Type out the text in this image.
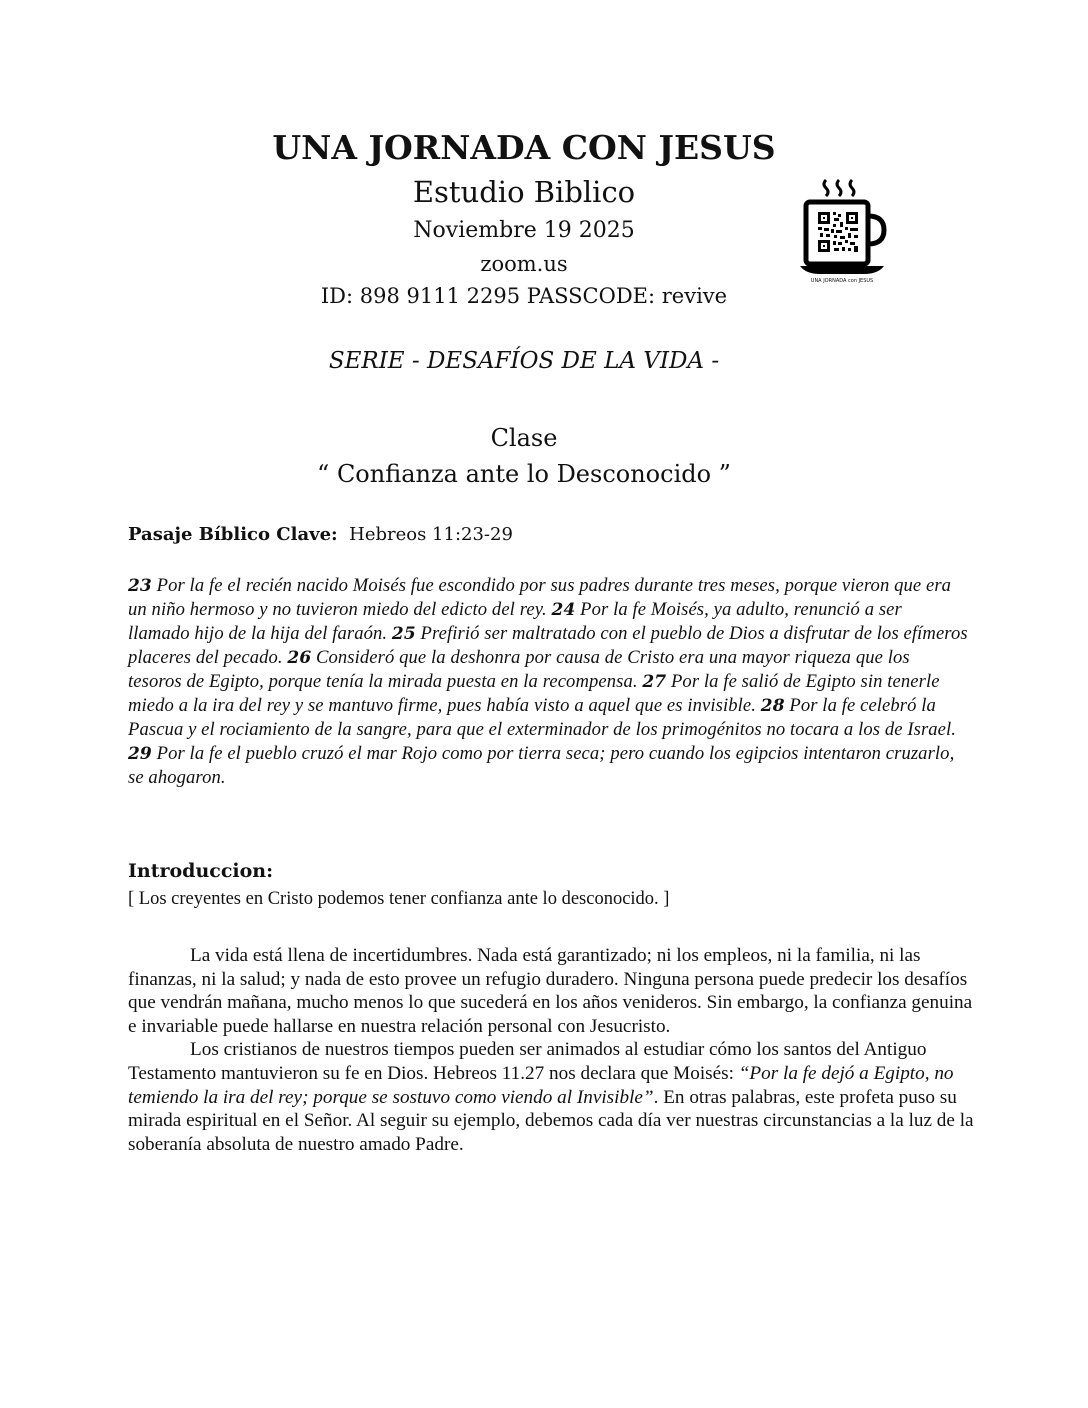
UNA JORNADA CON JESUS
Estudio Biblico
Noviembre 19 2025
zoom.us
ID: 898 9111 2295 PASSCODE: revive
UNA JORNADA con JESUS
SERIE - DESAFÍOS DE LA VIDA -
Clase
“ Confianza ante lo Desconocido ”
Pasaje Bíblico Clave: Hebreos 11:23-29
23 Por la fe el recién nacido Moisés fue escondido por sus padres durante tres meses, porque vieron que era un niño hermoso y no tuvieron miedo del edicto del rey. 24 Por la fe Moisés, ya adulto, renunció a ser llamado hijo de la hija del faraón. 25 Prefirió ser maltratado con el pueblo de Dios a disfrutar de los efímeros placeres del pecado. 26 Consideró que la deshonra por causa de Cristo era una mayor riqueza que los tesoros de Egipto, porque tenía la mirada puesta en la recompensa. 27 Por la fe salió de Egipto sin tenerle miedo a la ira del rey y se mantuvo firme, pues había visto a aquel que es invisible. 28 Por la fe celebró la Pascua y el rociamiento de la sangre, para que el exterminador de los primogénitos no tocara a los de Israel. 29 Por la fe el pueblo cruzó el mar Rojo como por tierra seca; pero cuando los egipcios intentaron cruzarlo, se ahogaron.
Introduccion:
[ Los creyentes en Cristo podemos tener confianza ante lo desconocido. ]

La vida está llena de incertidumbres. Nada está garantizado; ni los empleos, ni la familia, ni las finanzas, ni la salud; y nada de esto provee un refugio duradero. Ninguna persona puede predecir los desafíos que vendrán mañana, mucho menos lo que sucederá en los años venideros. Sin embargo, la confianza genuina e invariable puede hallarse en nuestra relación personal con Jesucristo.

Los cristianos de nuestros tiempos pueden ser animados al estudiar cómo los santos del Antiguo Testamento mantuvieron su fe en Dios. Hebreos 11.27 nos declara que Moisés: “Por la fe dejó a Egipto, no temiendo la ira del rey; porque se sostuvo como viendo al Invisible”. En otras palabras, este profeta puso su mirada espiritual en el Señor. Al seguir su ejemplo, debemos cada día ver nuestras circunstancias a la luz de la soberanía absoluta de nuestro amado Padre.
